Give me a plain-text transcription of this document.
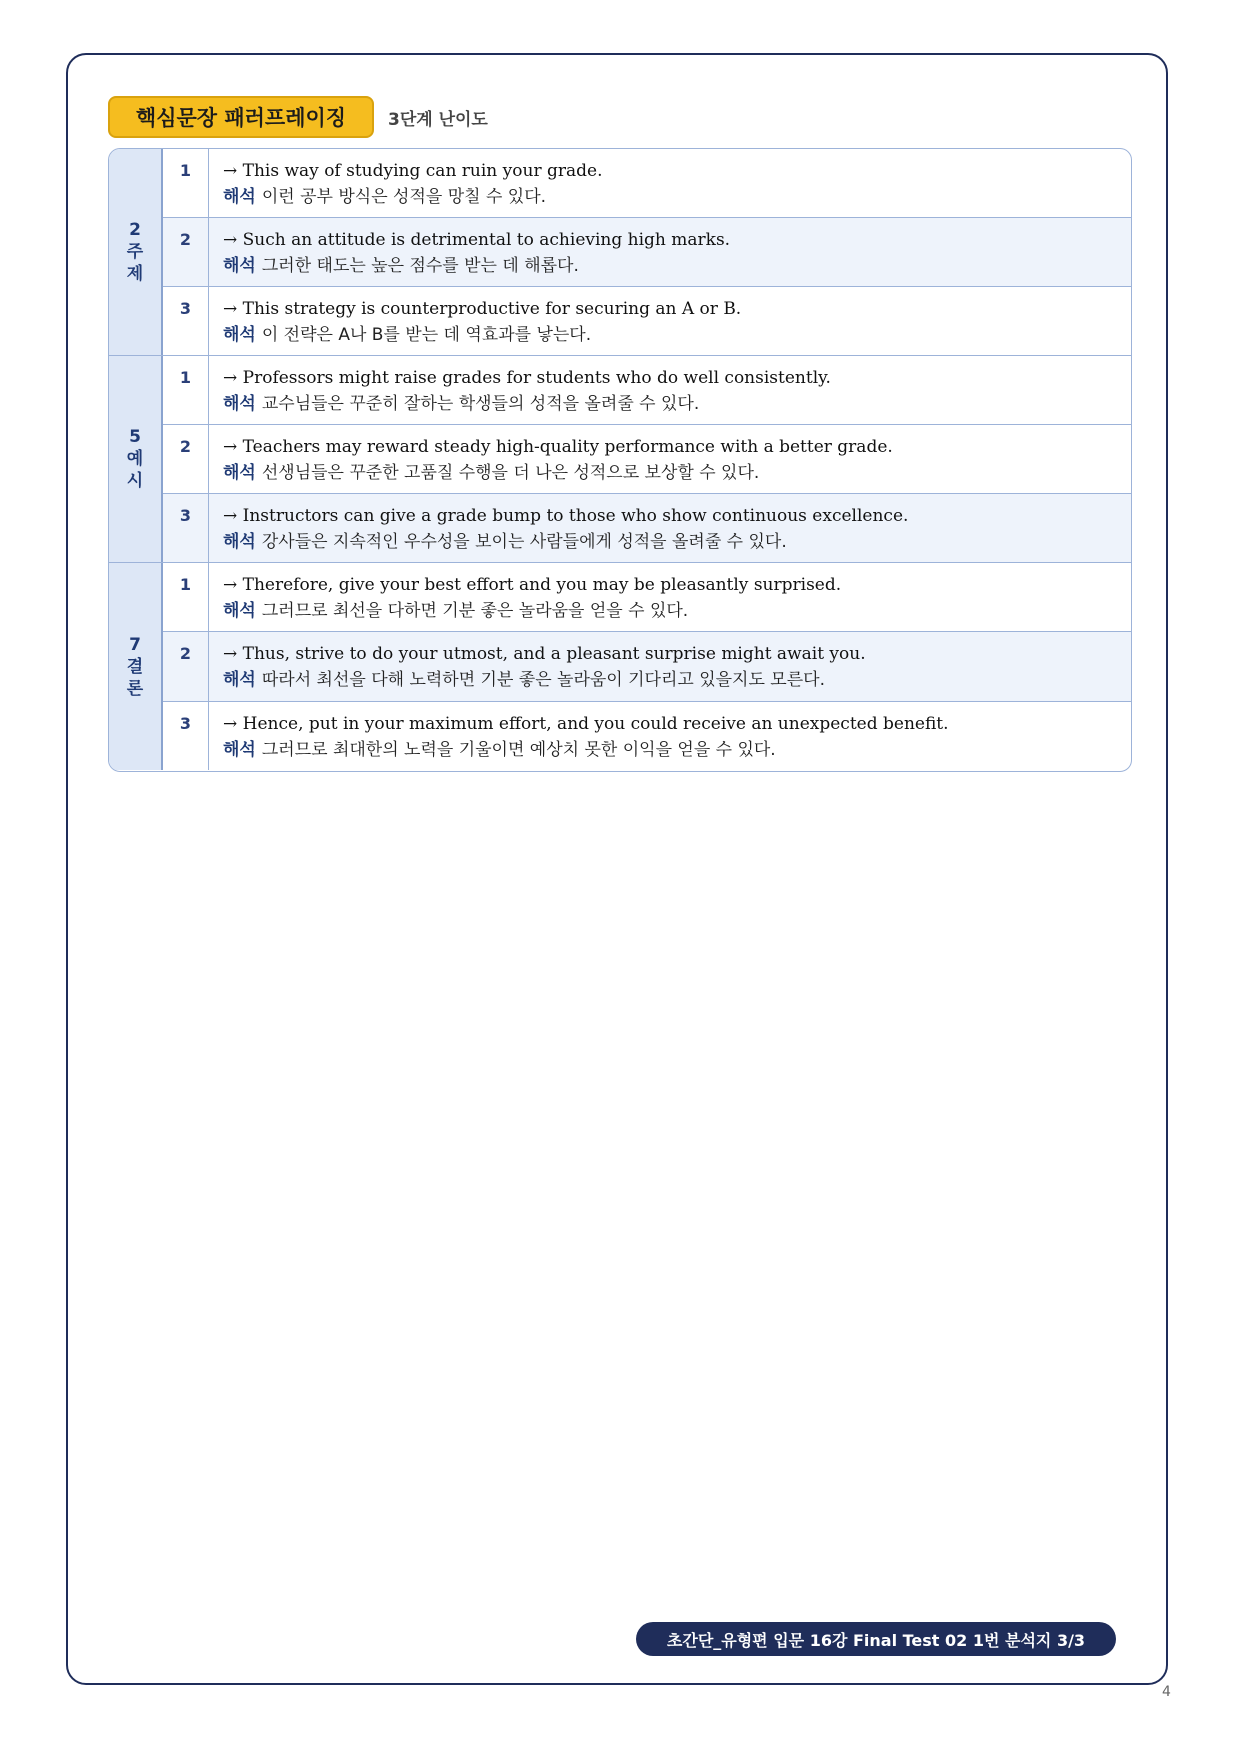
핵심문장 패러프레이징 3단계 난이도
2
주
제
1	→ This way of studying can ruin your grade.
해석 이런 공부 방식은 성적을 망칠 수 있다.
2	→ Such an attitude is detrimental to achieving high marks.
해석 그러한 태도는 높은 점수를 받는 데 해롭다.
3	→ This strategy is counterproductive for securing an A or B.
해석 이 전략은 A나 B를 받는 데 역효과를 낳는다.
5
예
시
1	→ Professors might raise grades for students who do well consistently.
해석 교수님들은 꾸준히 잘하는 학생들의 성적을 올려줄 수 있다.
2	→ Teachers may reward steady high-quality performance with a better grade.
해석 선생님들은 꾸준한 고품질 수행을 더 나은 성적으로 보상할 수 있다.
3	→ Instructors can give a grade bump to those who show continuous excellence.
해석 강사들은 지속적인 우수성을 보이는 사람들에게 성적을 올려줄 수 있다.
7
결
론
1	→ Therefore, give your best effort and you may be pleasantly surprised.
해석 그러므로 최선을 다하면 기분 좋은 놀라움을 얻을 수 있다.
2	→ Thus, strive to do your utmost, and a pleasant surprise might await you.
해석 따라서 최선을 다해 노력하면 기분 좋은 놀라움이 기다리고 있을지도 모른다.
3	→ Hence, put in your maximum effort, and you could receive an unexpected benefit.
해석 그러므로 최대한의 노력을 기울이면 예상치 못한 이익을 얻을 수 있다.
초간단_유형편 입문 16강 Final Test 02 1번 분석지 3/3
4
